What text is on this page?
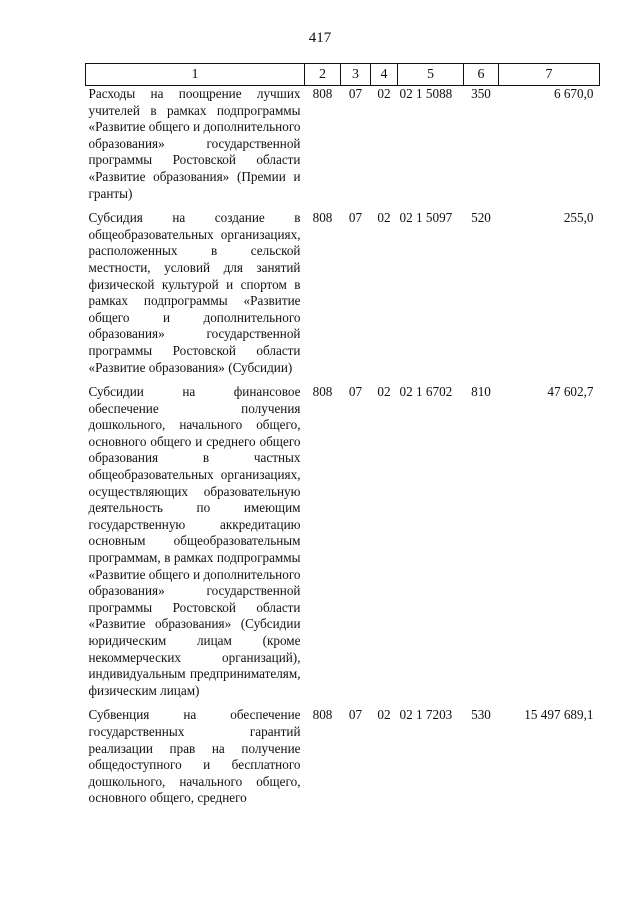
417
1	2	3	4	5	6	7
Расходы на поощрение лучших учителей в рамках подпрограммы «Развитие общего и дополнительного образования» государственной программы Ростовской области «Развитие образования» (Премии и гранты)	808	07	02	02 1 5088	350	6 670,0
Субсидия на создание в общеобразовательных организациях, расположенных в сельской местности, условий для занятий физической культурой и спортом в рамках подпрограммы «Развитие общего и дополнительного образования» государственной программы Ростовской области «Развитие образования» (Субсидии)	808	07	02	02 1 5097	520	255,0
Субсидии на финансовое обеспечение получения дошкольного, начального общего, основного общего и среднего общего образования в частных общеобразовательных организациях, осуществляющих образовательную деятельность по имеющим государственную аккредитацию основным общеобразовательным программам, в рамках подпрограммы «Развитие общего и дополнительного образования» государственной программы Ростовской области «Развитие образования» (Субсидии юридическим лицам (кроме некоммерческих организаций), индивидуальным предпринимателям, физическим лицам)	808	07	02	02 1 6702	810	47 602,7
Субвенция на обеспечение государственных гарантий реализации прав на получение общедоступного и бесплатного дошкольного, начального общего, основного общего, среднего	808	07	02	02 1 7203	530	15 497 689,1
